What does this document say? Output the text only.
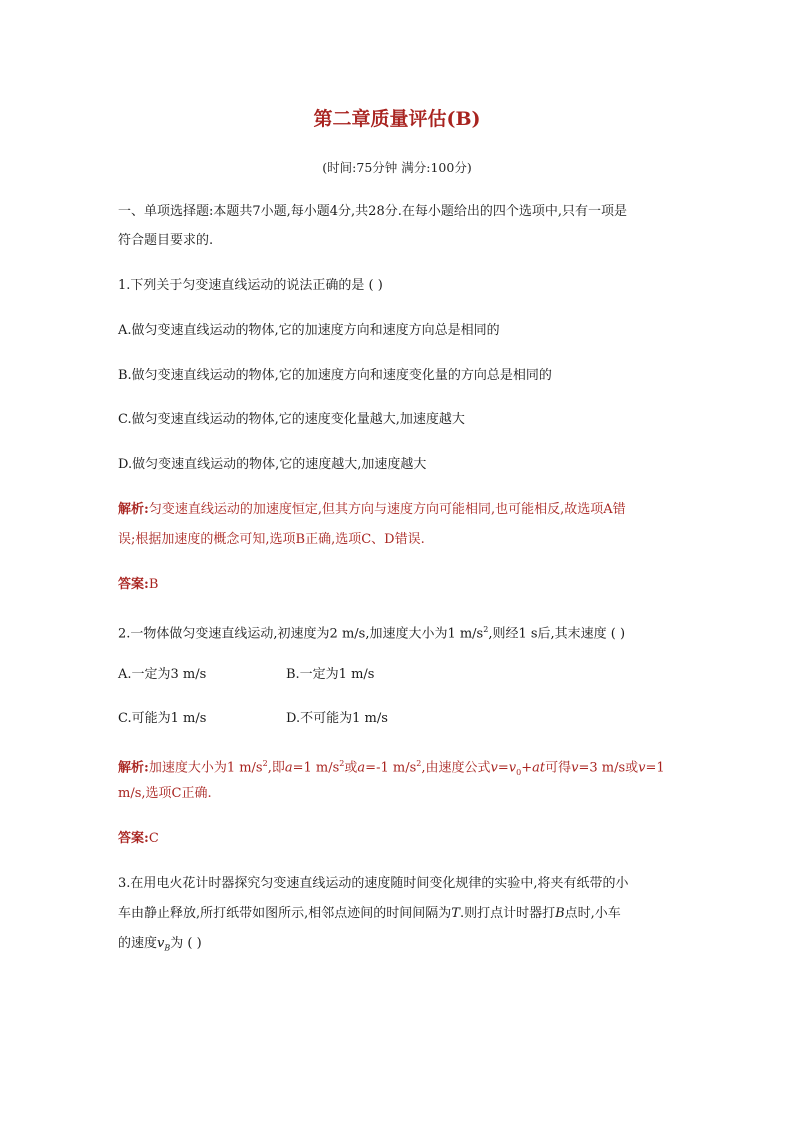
第二章质量评估(B)
(时间:75分钟 满分:100分)
一、单项选择题:本题共7小题,每小题4分,共28分.在每小题给出的四个选项中,只有一项是
符合题目要求的.
1.下列关于匀变速直线运动的说法正确的是 ( )
A.做匀变速直线运动的物体,它的加速度方向和速度方向总是相同的
B.做匀变速直线运动的物体,它的加速度方向和速度变化量的方向总是相同的
C.做匀变速直线运动的物体,它的速度变化量越大,加速度越大
D.做匀变速直线运动的物体,它的速度越大,加速度越大
解析:匀变速直线运动的加速度恒定,但其方向与速度方向可能相同,也可能相反,故选项A错
误;根据加速度的概念可知,选项B正确,选项C、D错误.
答案:B
2.一物体做匀变速直线运动,初速度为2 m/s,加速度大小为1 $m/s^2$,则经1 s后,其末速度 ( )
A.一定为3 m/s	B.一定为1 m/s
C.可能为1 m/s	D.不可能为1 m/s
解析:加速度大小为1 $m/s^2$,即a=1 $m/s^2$或a=-1 $m/s^2$,由速度公式$v=v_0+at$可得v=3 m/s或v=1
m/s,选项C正确.
答案:C
3.在用电火花计时器探究匀变速直线运动的速度随时间变化规律的实验中,将夹有纸带的小
车由静止释放,所打纸带如图所示,相邻点迹间的时间间隔为T.则打点计时器打B点时,小车
的速度$v_B$为 ( )
